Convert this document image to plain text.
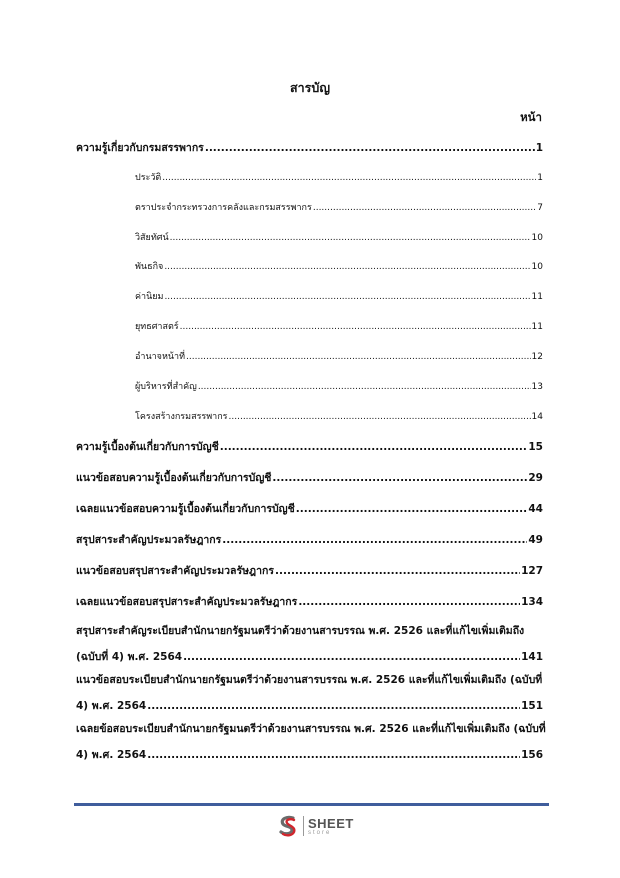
สารบัญ
หน้า
ความรู้เกี่ยวกับกรมสรรพากร .....	1
ประวัติ .....	1
ตราประจำกระทรวงการคลังและกรมสรรพากร .....	7
วิสัยทัศน์ .....	10
พันธกิจ .....	10
ค่านิยม .....	11
ยุทธศาสตร์ .....	11
อำนาจหน้าที่ .....	12
ผู้บริหารที่สำคัญ .....	13
โครงสร้างกรมสรรพากร .....	14
ความรู้เบื้องต้นเกี่ยวกับการบัญชี .....	15
แนวข้อสอบความรู้เบื้องต้นเกี่ยวกับการบัญชี .....	29
เฉลยแนวข้อสอบความรู้เบื้องต้นเกี่ยวกับการบัญชี .....	44
สรุปสาระสำคัญประมวลรัษฎากร .....	49
แนวข้อสอบสรุปสาระสำคัญประมวลรัษฎากร .....	127
เฉลยแนวข้อสอบสรุปสาระสำคัญประมวลรัษฎากร .....	134
สรุปสาระสำคัญระเบียบสำนักนายกรัฐมนตรีว่าด้วยงานสารบรรณ พ.ศ. 2526 และที่แก้ไขเพิ่มเติมถึง
(ฉบับที่ 4) พ.ศ. 2564 .....	141
แนวข้อสอบระเบียบสำนักนายกรัฐมนตรีว่าด้วยงานสารบรรณ พ.ศ. 2526 และที่แก้ไขเพิ่มเติมถึง (ฉบับที่
4) พ.ศ. 2564 .....	151
เฉลยข้อสอบระเบียบสำนักนายกรัฐมนตรีว่าด้วยงานสารบรรณ พ.ศ. 2526 และที่แก้ไขเพิ่มเติมถึง (ฉบับที่
4) พ.ศ. 2564 .....	156
SHEET
store
